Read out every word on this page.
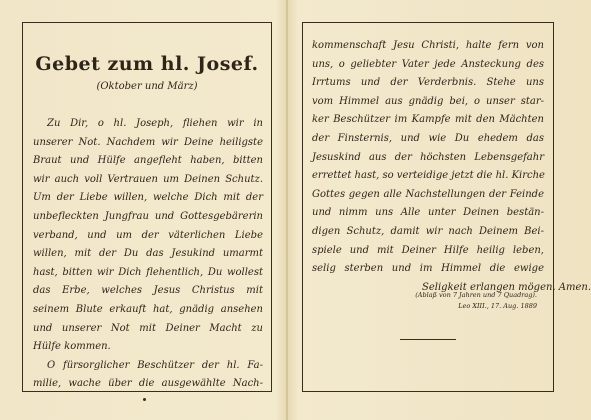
Gebet zum hl. Josef.
(Oktober und März)
Zu Dir, o hl. Joseph, fliehen wir in
unserer Not. Nachdem wir Deine heiligste
Braut und Hülfe angefleht haben, bitten
wir auch voll Vertrauen um Deinen Schutz.
Um der Liebe willen, welche Dich mit der
unbefleckten Jungfrau und Gottesgebärerin
verband, und um der väterlichen Liebe
willen, mit der Du das Jesukind umarmt
hast, bitten wir Dich flehentlich, Du wollest
das Erbe, welches Jesus Christus mit
seinem Blute erkauft hat, gnädig ansehen
und unserer Not mit Deiner Macht zu
Hülfe kommen.
O fürsorglicher Beschützer der hl. Fa-
milie, wache über die ausgewählte Nach-
kommenschaft Jesu Christi, halte fern von
uns, o geliebter Vater jede Ansteckung des
Irrtums und der Verderbnis. Stehe uns
vom Himmel aus gnädig bei, o unser star-
ker Beschützer im Kampfe mit den Mächten
der Finsternis, und wie Du ehedem das
Jesuskind aus der höchsten Lebensgefahr
errettet hast, so verteidige jetzt die hl. Kirche
Gottes gegen alle Nachstellungen der Feinde
und nimm uns Alle unter Deinen bestän-
digen Schutz, damit wir nach Deinem Bei-
spiele und mit Deiner Hilfe heilig leben,
selig sterben und im Himmel die ewige
Seligkeit erlangen mögen. Amen.
(Ablaß von 7 Jahren und 7 Quadrag).
Leo XIII., 17. Aug. 1889
